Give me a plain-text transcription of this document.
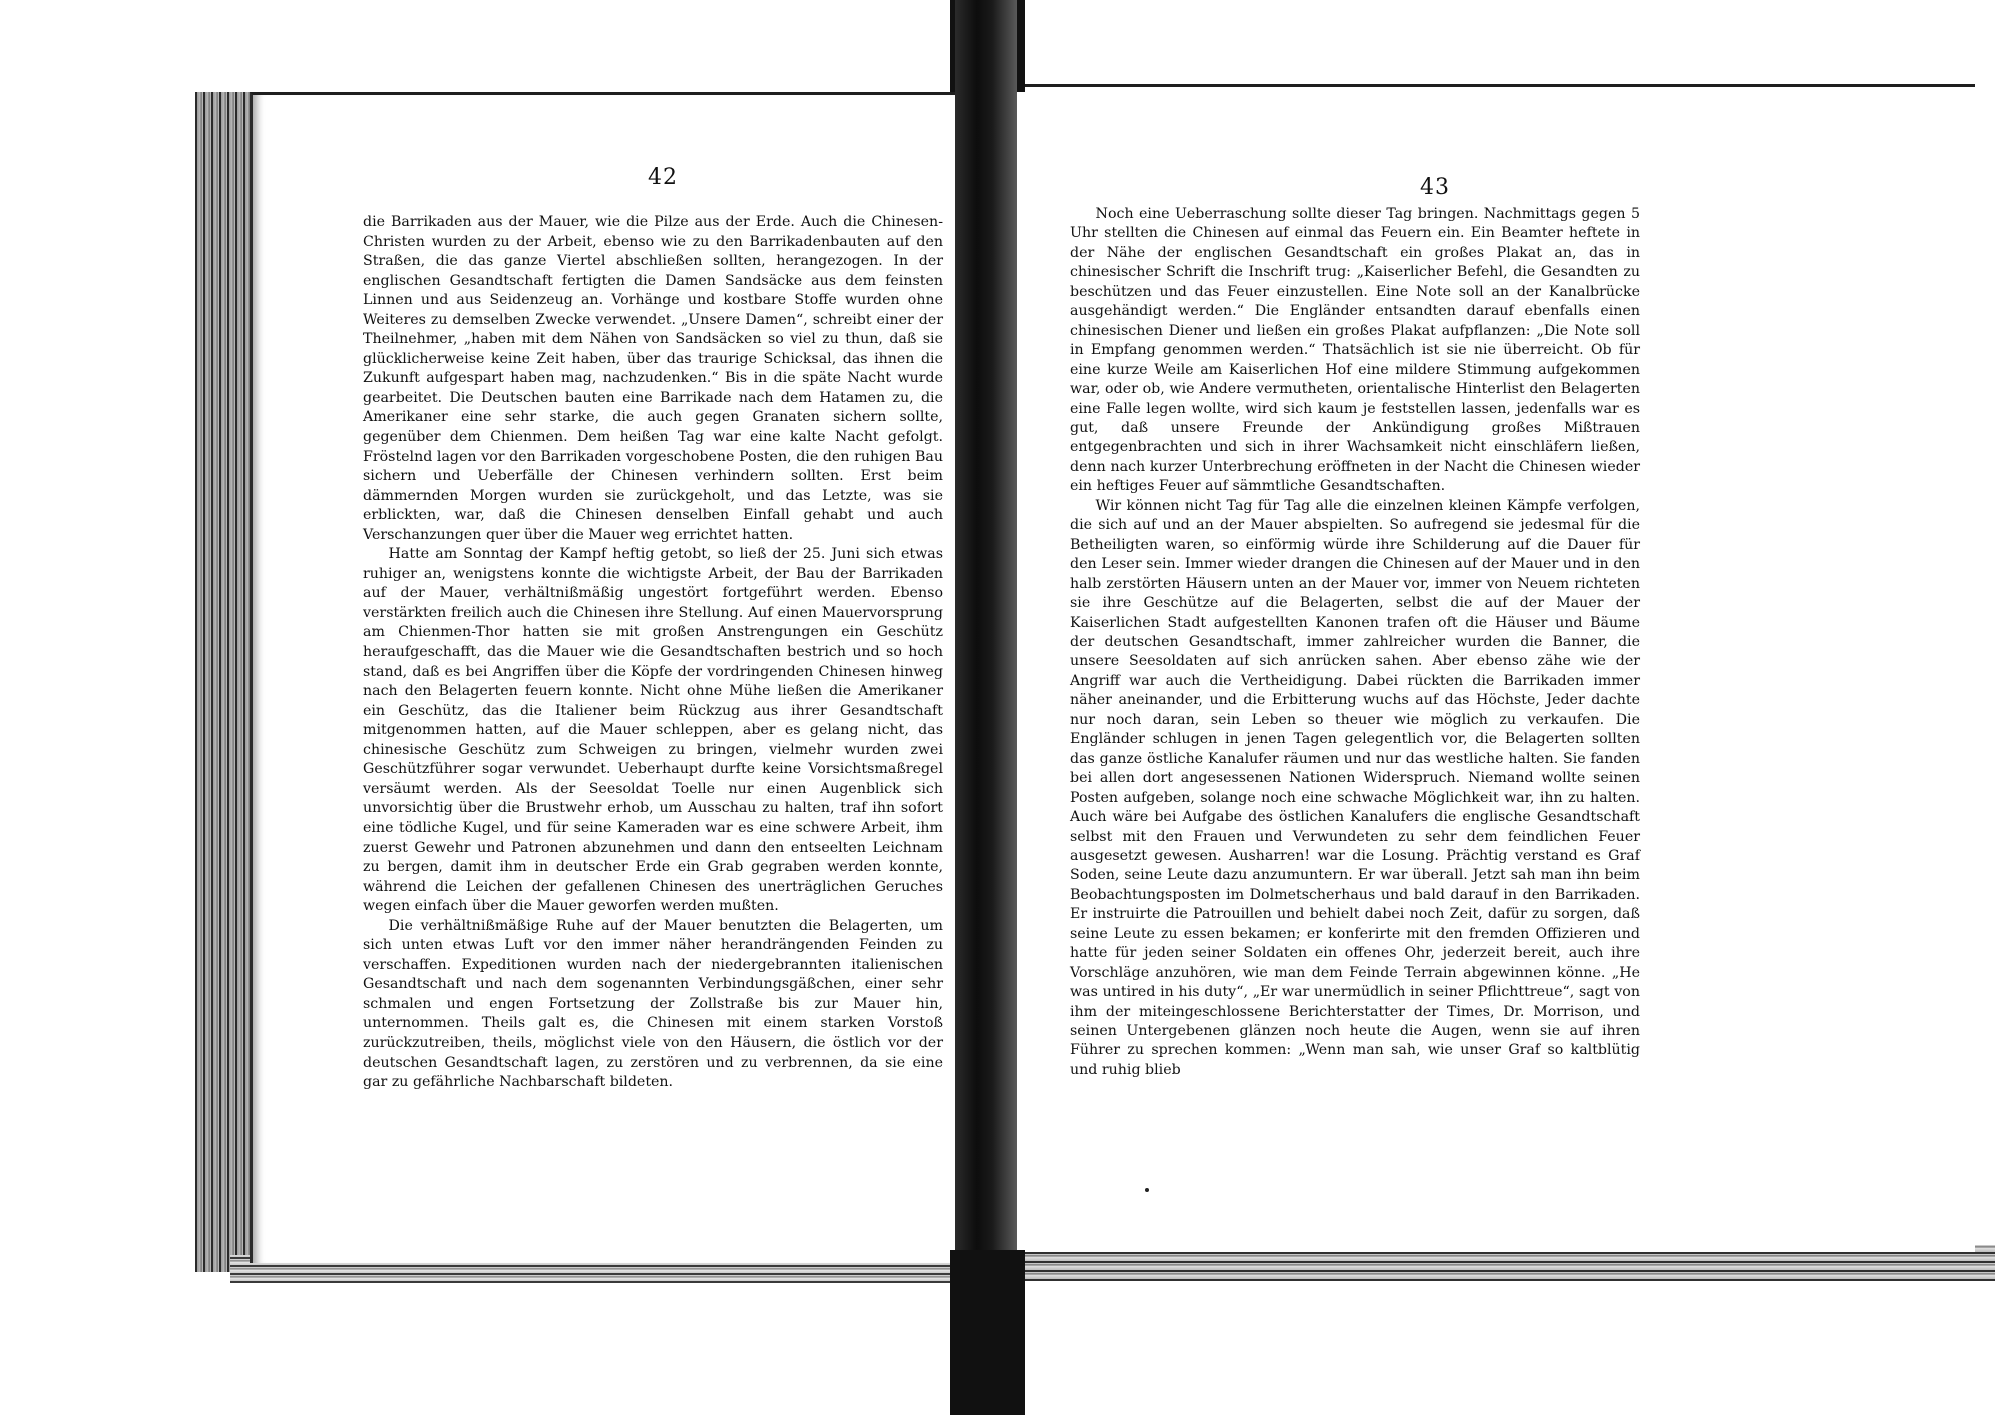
42

die Barrikaden aus der Mauer, wie die Pilze aus der Erde. Auch die Chinesen-Christen wurden zu der Arbeit, ebenso wie zu den Barrikadenbauten auf den Straßen, die das ganze Viertel abschließen sollten, herangezogen. In der englischen Gesandtschaft fertigten die Damen Sandsäcke aus dem feinsten Linnen und aus Seidenzeug an. Vorhänge und kostbare Stoffe wurden ohne Weiteres zu demselben Zwecke verwendet. „Unsere Damen“, schreibt einer der Theilnehmer, „haben mit dem Nähen von Sandsäcken so viel zu thun, daß sie glücklicherweise keine Zeit haben, über das traurige Schicksal, das ihnen die Zukunft aufgespart haben mag, nachzudenken.“ Bis in die späte Nacht wurde gearbeitet. Die Deutschen bauten eine Barrikade nach dem Hatamen zu, die Amerikaner eine sehr starke, die auch gegen Granaten sichern sollte, gegenüber dem Chienmen. Dem heißen Tag war eine kalte Nacht gefolgt. Fröstelnd lagen vor den Barrikaden vorgeschobene Posten, die den ruhigen Bau sichern und Ueberfälle der Chinesen verhindern sollten. Erst beim dämmernden Morgen wurden sie zurückgeholt, und das Letzte, was sie erblickten, war, daß die Chinesen denselben Einfall gehabt und auch Verschanzungen quer über die Mauer weg errichtet hatten.

Hatte am Sonntag der Kampf heftig getobt, so ließ der 25. Juni sich etwas ruhiger an, wenigstens konnte die wichtigste Arbeit, der Bau der Barrikaden auf der Mauer, verhältnißmäßig ungestört fortgeführt werden. Ebenso verstärkten freilich auch die Chinesen ihre Stellung. Auf einen Mauervorsprung am Chienmen-Thor hatten sie mit großen Anstrengungen ein Geschütz heraufgeschafft, das die Mauer wie die Gesandtschaften bestrich und so hoch stand, daß es bei Angriffen über die Köpfe der vordringenden Chinesen hinweg nach den Belagerten feuern konnte. Nicht ohne Mühe ließen die Amerikaner ein Geschütz, das die Italiener beim Rückzug aus ihrer Gesandtschaft mitgenommen hatten, auf die Mauer schleppen, aber es gelang nicht, das chinesische Geschütz zum Schweigen zu bringen, vielmehr wurden zwei Geschützführer sogar verwundet. Ueberhaupt durfte keine Vorsichtsmaßregel versäumt werden. Als der Seesoldat Toelle nur einen Augenblick sich unvorsichtig über die Brustwehr erhob, um Ausschau zu halten, traf ihn sofort eine tödliche Kugel, und für seine Kameraden war es eine schwere Arbeit, ihm zuerst Gewehr und Patronen abzunehmen und dann den entseelten Leichnam zu bergen, damit ihm in deutscher Erde ein Grab gegraben werden konnte, während die Leichen der gefallenen Chinesen des unerträglichen Geruches wegen einfach über die Mauer geworfen werden mußten.

Die verhältnißmäßige Ruhe auf der Mauer benutzten die Belagerten, um sich unten etwas Luft vor den immer näher herandrängenden Feinden zu verschaffen. Expeditionen wurden nach der niedergebrannten italienischen Gesandtschaft und nach dem sogenannten Verbindungsgäßchen, einer sehr schmalen und engen Fortsetzung der Zollstraße bis zur Mauer hin, unternommen. Theils galt es, die Chinesen mit einem starken Vorstoß zurückzutreiben, theils, möglichst viele von den Häusern, die östlich vor der deutschen Gesandtschaft lagen, zu zerstören und zu verbrennen, da sie eine gar zu gefährliche Nachbarschaft bildeten.

43

Noch eine Ueberraschung sollte dieser Tag bringen. Nachmittags gegen 5 Uhr stellten die Chinesen auf einmal das Feuern ein. Ein Beamter heftete in der Nähe der englischen Gesandtschaft ein großes Plakat an, das in chinesischer Schrift die Inschrift trug: „Kaiserlicher Befehl, die Gesandten zu beschützen und das Feuer einzustellen. Eine Note soll an der Kanalbrücke ausgehändigt werden.“ Die Engländer entsandten darauf ebenfalls einen chinesischen Diener und ließen ein großes Plakat aufpflanzen: „Die Note soll in Empfang genommen werden.“ Thatsächlich ist sie nie überreicht. Ob für eine kurze Weile am Kaiserlichen Hof eine mildere Stimmung aufgekommen war, oder ob, wie Andere vermutheten, orientalische Hinterlist den Belagerten eine Falle legen wollte, wird sich kaum je feststellen lassen, jedenfalls war es gut, daß unsere Freunde der Ankündigung großes Mißtrauen entgegenbrachten und sich in ihrer Wachsamkeit nicht einschläfern ließen, denn nach kurzer Unterbrechung eröffneten in der Nacht die Chinesen wieder ein heftiges Feuer auf sämmtliche Gesandtschaften.

Wir können nicht Tag für Tag alle die einzelnen kleinen Kämpfe verfolgen, die sich auf und an der Mauer abspielten. So aufregend sie jedesmal für die Betheiligten waren, so einförmig würde ihre Schilderung auf die Dauer für den Leser sein. Immer wieder drangen die Chinesen auf der Mauer und in den halb zerstörten Häusern unten an der Mauer vor, immer von Neuem richteten sie ihre Geschütze auf die Belagerten, selbst die auf der Mauer der Kaiserlichen Stadt aufgestellten Kanonen trafen oft die Häuser und Bäume der deutschen Gesandtschaft, immer zahlreicher wurden die Banner, die unsere Seesoldaten auf sich anrücken sahen. Aber ebenso zähe wie der Angriff war auch die Vertheidigung. Dabei rückten die Barrikaden immer näher aneinander, und die Erbitterung wuchs auf das Höchste, Jeder dachte nur noch daran, sein Leben so theuer wie möglich zu verkaufen. Die Engländer schlugen in jenen Tagen gelegentlich vor, die Belagerten sollten das ganze östliche Kanalufer räumen und nur das westliche halten. Sie fanden bei allen dort angesessenen Nationen Widerspruch. Niemand wollte seinen Posten aufgeben, solange noch eine schwache Möglichkeit war, ihn zu halten. Auch wäre bei Aufgabe des östlichen Kanalufers die englische Gesandtschaft selbst mit den Frauen und Verwundeten zu sehr dem feindlichen Feuer ausgesetzt gewesen. Ausharren! war die Losung. Prächtig verstand es Graf Soden, seine Leute dazu anzumuntern. Er war überall. Jetzt sah man ihn beim Beobachtungsposten im Dolmetscherhaus und bald darauf in den Barrikaden. Er instruirte die Patrouillen und behielt dabei noch Zeit, dafür zu sorgen, daß seine Leute zu essen bekamen; er konferirte mit den fremden Offizieren und hatte für jeden seiner Soldaten ein offenes Ohr, jederzeit bereit, auch ihre Vorschläge anzuhören, wie man dem Feinde Terrain abgewinnen könne. „He was untired in his duty“, „Er war unermüdlich in seiner Pflichttreue“, sagt von ihm der miteingeschlossene Berichterstatter der Times, Dr. Morrison, und seinen Untergebenen glänzen noch heute die Augen, wenn sie auf ihren Führer zu sprechen kommen: „Wenn man sah, wie unser Graf so kaltblütig und ruhig blieb
